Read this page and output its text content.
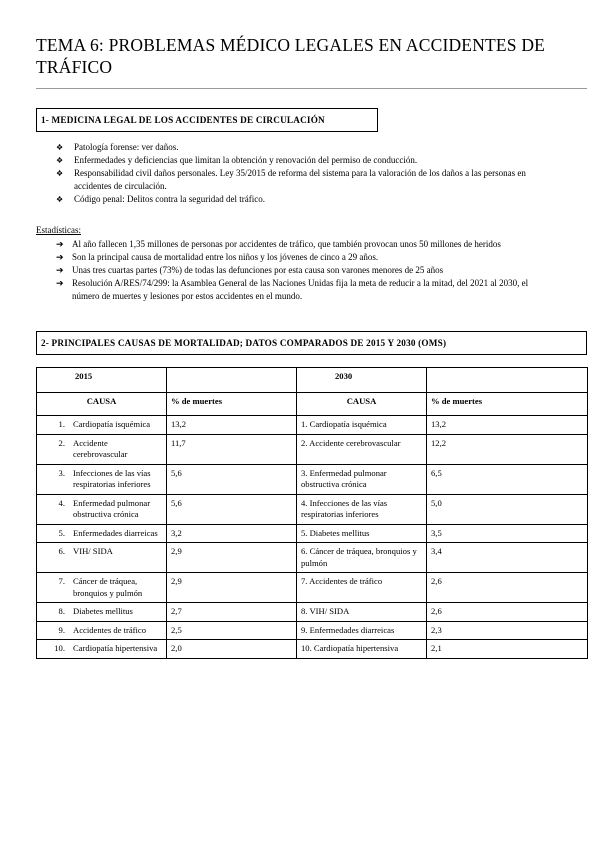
TEMA 6: PROBLEMAS MÉDICO LEGALES EN ACCIDENTES DE TRÁFICO
1- MEDICINA LEGAL DE LOS ACCIDENTES DE CIRCULACIÓN
❖	Patología forense: ver daños.
❖	Enfermedades y deficiencias que limitan la obtención y renovación del permiso de conducción.
❖	Responsabilidad civil daños personales. Ley 35/2015 de reforma del sistema para la valoración de los daños a las personas en accidentes de circulación.
❖	Código penal: Delitos contra la seguridad del tráfico.
Estadísticas:
➔ Al año fallecen 1,35 millones de personas por accidentes de tráfico, que también provocan unos 50 millones de heridos
➔ Son la principal causa de mortalidad entre los niños y los jóvenes de cinco a 29 años.
➔ Unas tres cuartas partes (73%) de todas las defunciones por esta causa son varones menores de 25 años
➔ Resolución A/RES/74/299: la Asamblea General de las Naciones Unidas fija la meta de reducir a la mitad, del 2021 al 2030, el número de muertes y lesiones por estos accidentes en el mundo.
2- PRINCIPALES CAUSAS DE MORTALIDAD; DATOS COMPARADOS DE 2015 Y 2030 (OMS)
2015		2030	
CAUSA	% de muertes	CAUSA	% de muertes

1. Cardiopatía isquémica	13,2	1. Cardiopatía isquémica	13,2

2. Accidente cerebrovascular	11,7	2. Accidente cerebrovascular	12,2

3. Infecciones de las vías respiratorias inferiores	5,6	3. Enfermedad pulmonar obstructiva crónica	6,5

4. Enfermedad pulmonar obstructiva crónica	5,6	4. Infecciones de las vías respiratorias inferiores	5,0

5. Enfermedades diarreicas	3,2	5. Diabetes mellitus	3,5

6. VIH/ SIDA	2,9	6. Cáncer de tráquea, bronquios y pulmón	3,4

7. Cáncer de tráquea, bronquios y pulmón	2,9	7. Accidentes de tráfico	2,6

8. Diabetes mellitus	2,7	8. VIH/ SIDA	2,6

9. Accidentes de tráfico	2,5	9. Enfermedades diarreicas	2,3

10. Cardiopatía hipertensiva	2,0	10. Cardiopatía hipertensiva	2,1
